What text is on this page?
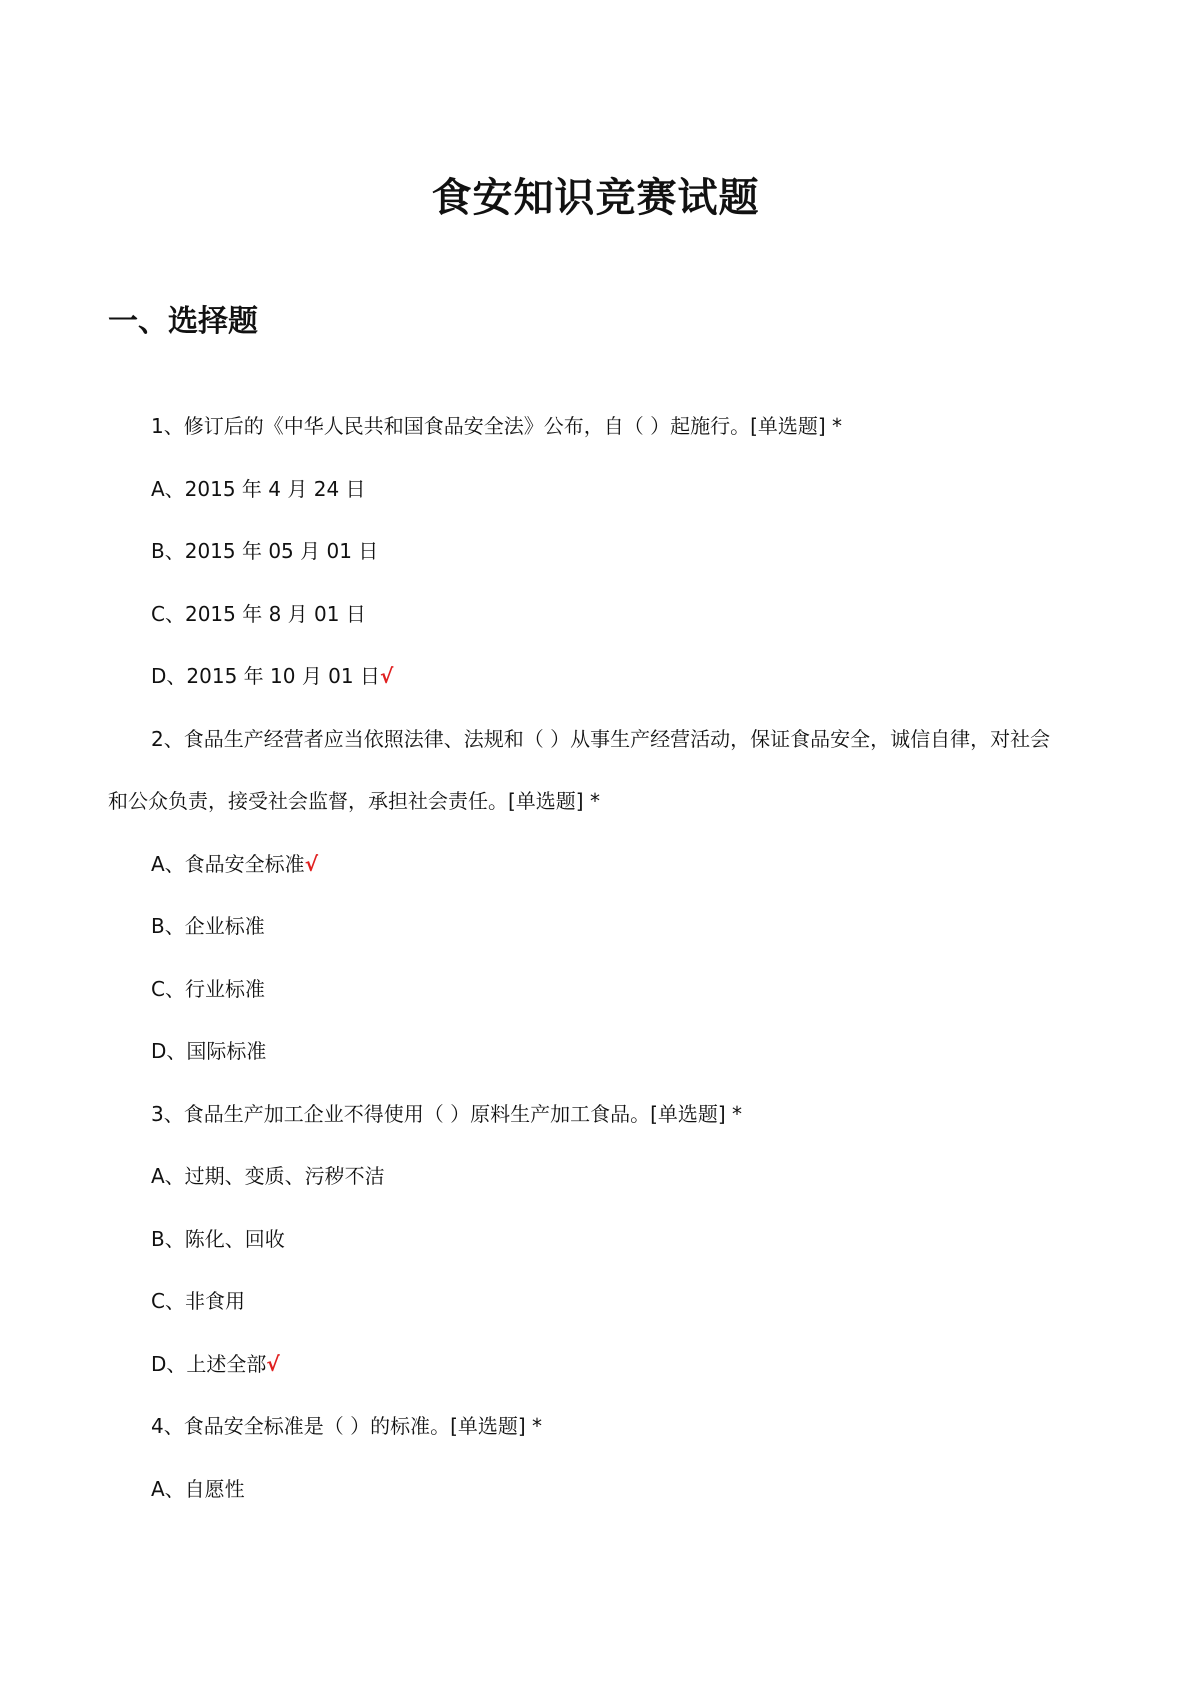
食安知识竞赛试题
一、选择题

1、修订后的《中华人民共和国食品安全法》公布，自（ ）起施行。[单选题] *

A、2015 年 4 月 24 日

B、2015 年 05 月 01 日

C、2015 年 8 月 01 日

D、2015 年 10 月 01 日√

2、食品生产经营者应当依照法律、法规和（ ）从事生产经营活动，保证食品安全，诚信自律，对社会

和公众负责，接受社会监督，承担社会责任。[单选题] *

A、食品安全标准√

B、企业标准

C、行业标准

D、国际标准

3、食品生产加工企业不得使用（ ）原料生产加工食品。[单选题] *

A、过期、变质、污秽不洁

B、陈化、回收

C、非食用

D、上述全部√

4、食品安全标准是（ ）的标准。[单选题] *

A、自愿性
